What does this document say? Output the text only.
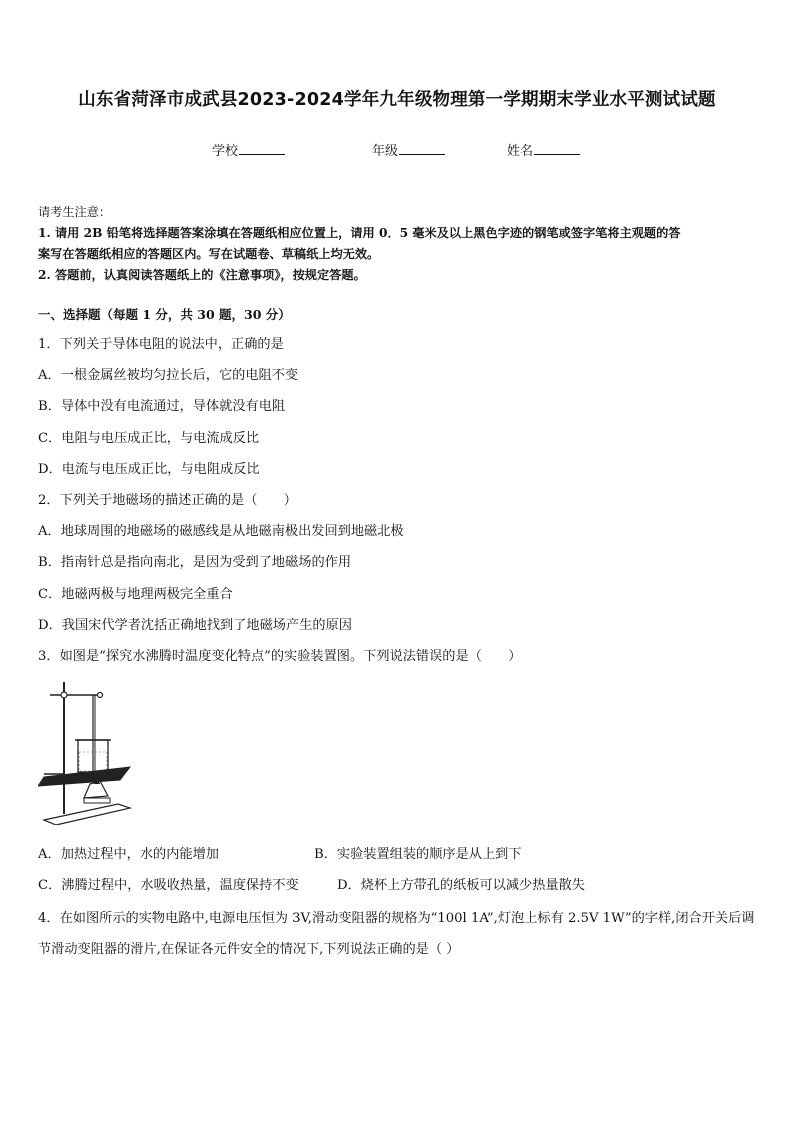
山东省菏泽市成武县2023-2024学年九年级物理第一学期期末学业水平测试试题
学校	年级	姓名
请考生注意：
1. 请用 2B 铅笔将选择题答案涂填在答题纸相应位置上，请用 0．5 毫米及以上黑色字迹的钢笔或签字笔将主观题的答
案写在答题纸相应的答题区内。写在试题卷、草稿纸上均无效。
2. 答题前，认真阅读答题纸上的《注意事项》，按规定答题。
一、选择题（每题 1 分，共 30 题，30 分）
1．下列关于导体电阻的说法中，正确的是
A．一根金属丝被均匀拉长后，它的电阻不变
B．导体中没有电流通过，导体就没有电阻
C．电阻与电压成正比，与电流成反比
D．电流与电压成正比，与电阻成反比
2．下列关于地磁场的描述正确的是（　　）
A．地球周围的地磁场的磁感线是从地磁南极出发回到地磁北极
B．指南针总是指向南北，是因为受到了地磁场的作用
C．地磁两极与地理两极完全重合
D．我国宋代学者沈括正确地找到了地磁场产生的原因
3．如图是“探究水沸腾时温度变化特点”的实验装置图。下列说法错误的是（　　）
A．加热过程中，水的内能增加	B．实验装置组装的顺序是从上到下
C．沸腾过程中，水吸收热量，温度保持不变	D．烧杯上方带孔的纸板可以减少热量散失
4．在如图所示的实物电路中,电源电压恒为 3V,滑动变阻器的规格为“100l 1A”,灯泡上标有 2.5V 1W”的字样,闭合开关后调节滑动变阻器的滑片,在保证各元件安全的情况下,下列说法正确的是（ ）
